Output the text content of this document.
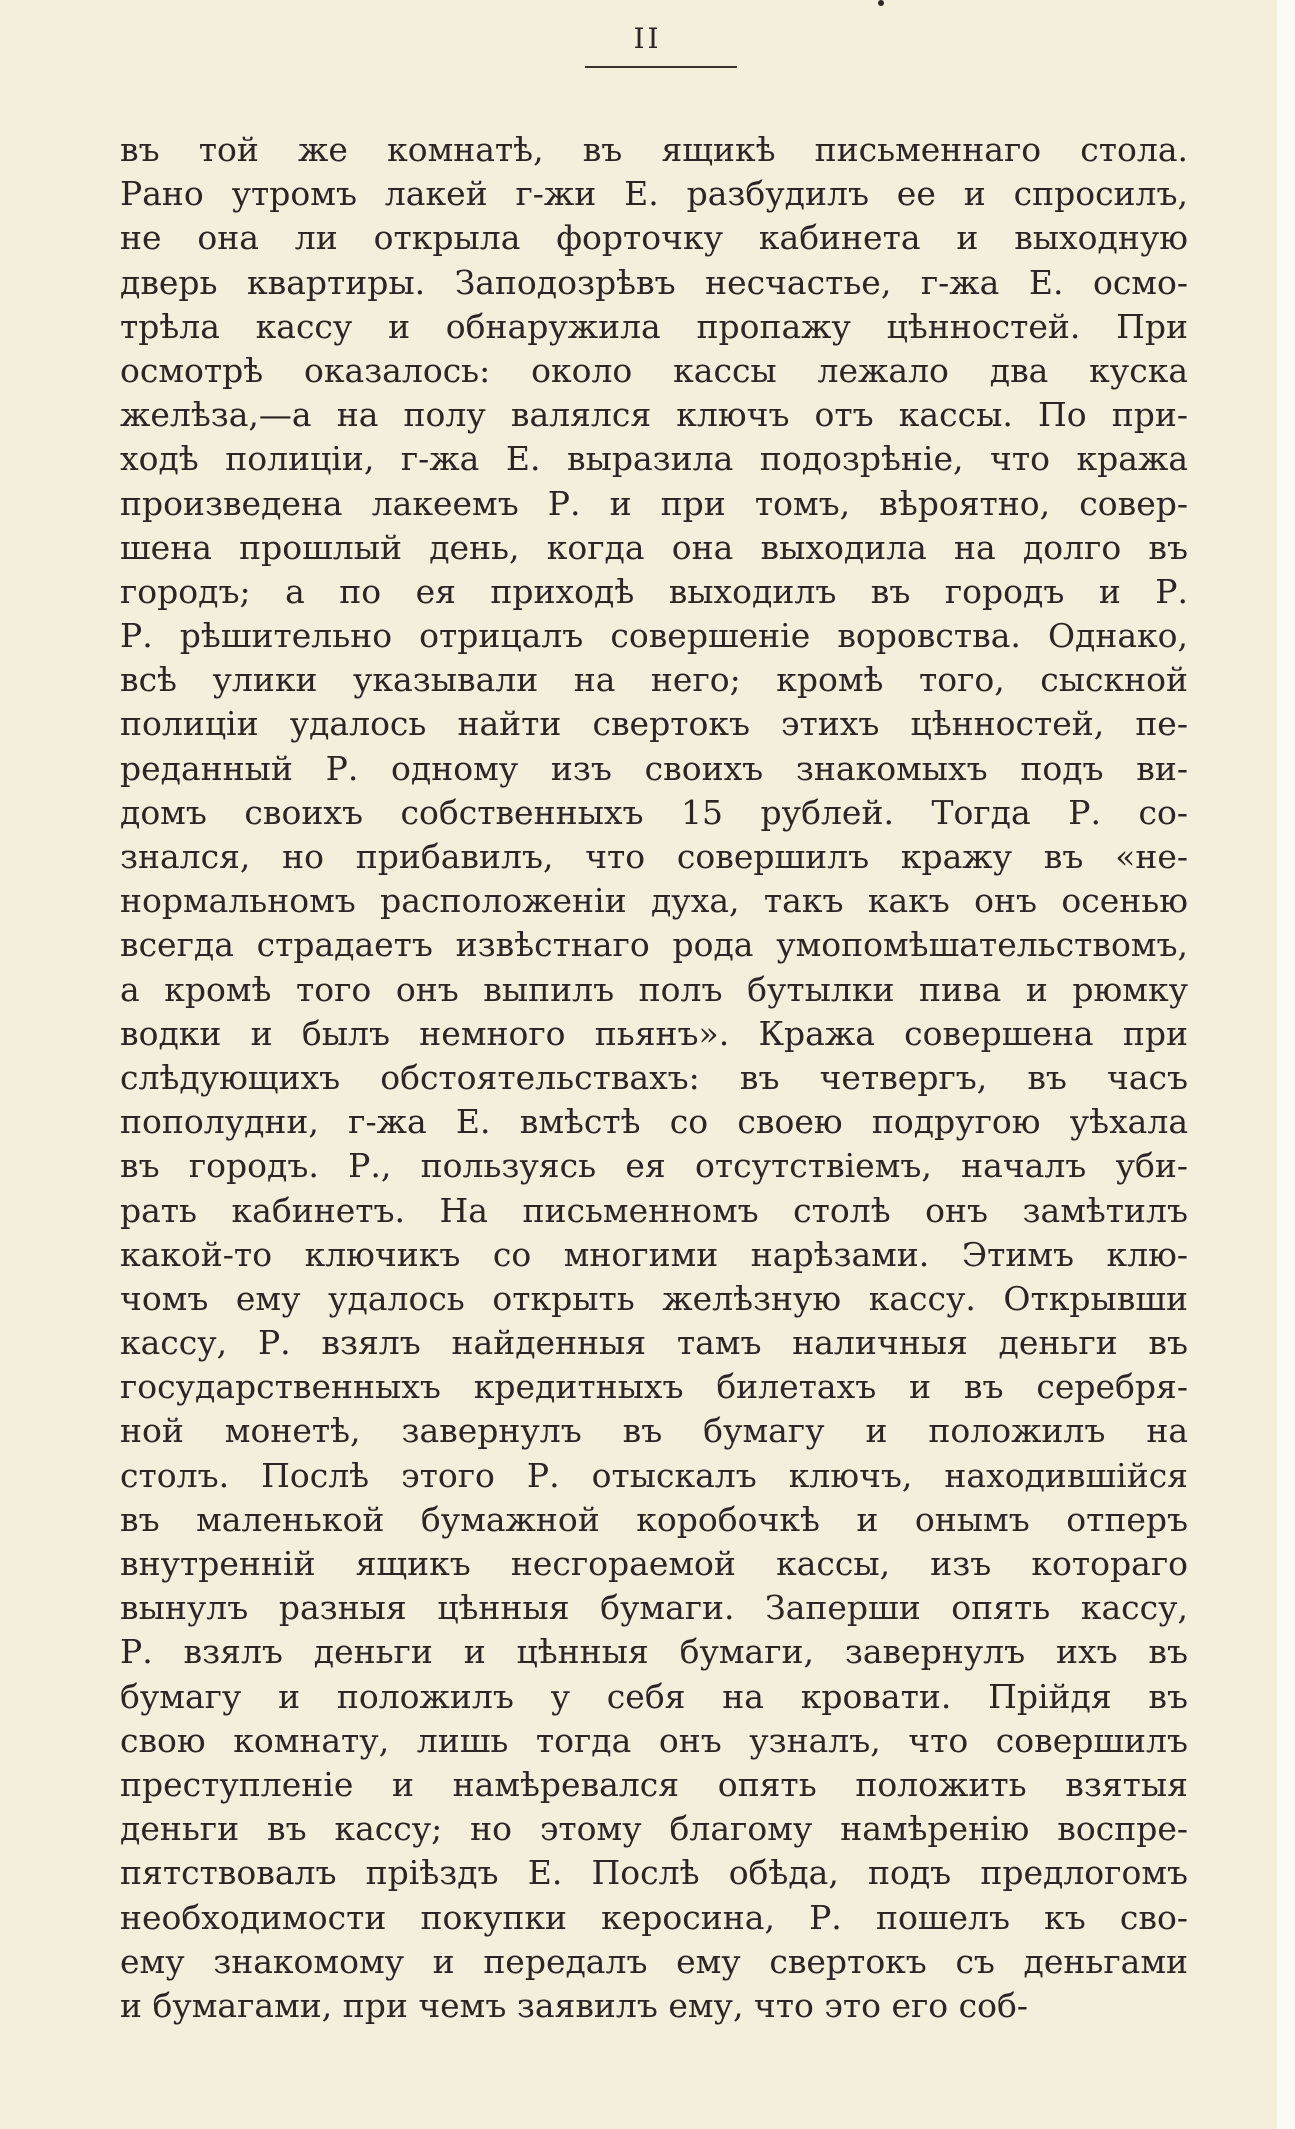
II
въ той же комнатѣ, въ ящикѣ письменнаго стола.
Рано утромъ лакей г-жи Е. разбудилъ ее и спросилъ,
не она ли открыла форточку кабинета и выходную
дверь квартиры. Заподозрѣвъ несчастье, г-жа Е. осмо-
трѣла кассу и обнаружила пропажу цѣнностей. При
осмотрѣ оказалось: около кассы лежало два куска
желѣза,—а на полу валялся ключъ отъ кассы. По при-
ходѣ полиціи, г-жа Е. выразила подозрѣніе, что кража
произведена лакеемъ Р. и при томъ, вѣроятно, совер-
шена прошлый день, когда она выходила на долго въ
городъ; а по ея приходѣ выходилъ въ городъ и Р.
Р. рѣшительно отрицалъ совершеніе воровства. Однако,
всѣ улики указывали на него; кромѣ того, сыскной
полиціи удалось найти свертокъ этихъ цѣнностей, пе-
реданный Р. одному изъ своихъ знакомыхъ подъ ви-
домъ своихъ собственныхъ 15 рублей. Тогда Р. со-
знался, но прибавилъ, что совершилъ кражу въ «не-
нормальномъ расположеніи духа, такъ какъ онъ осенью
всегда страдаетъ извѣстнаго рода умопомѣшательствомъ,
а кромѣ того онъ выпилъ полъ бутылки пива и рюмку
водки и былъ немного пьянъ». Кража совершена при
слѣдующихъ обстоятельствахъ: въ четвергъ, въ часъ
пополудни, г-жа Е. вмѣстѣ со своею подругою уѣхала
въ городъ. Р., пользуясь ея отсутствіемъ, началъ уби-
рать кабинетъ. На письменномъ столѣ онъ замѣтилъ
какой-то ключикъ со многими нарѣзами. Этимъ клю-
чомъ ему удалось открыть желѣзную кассу. Открывши
кассу, Р. взялъ найденныя тамъ наличныя деньги въ
государственныхъ кредитныхъ билетахъ и въ серебря-
ной монетѣ, завернулъ въ бумагу и положилъ на
столъ. Послѣ этого Р. отыскалъ ключъ, находившійся
въ маленькой бумажной коробочкѣ и онымъ отперъ
внутренній ящикъ несгораемой кассы, изъ котораго
вынулъ разныя цѣнныя бумаги. Заперши опять кассу,
Р. взялъ деньги и цѣнныя бумаги, завернулъ ихъ въ
бумагу и положилъ у себя на кровати. Прійдя въ
свою комнату, лишь тогда онъ узналъ, что совершилъ
преступленіе и намѣревался опять положить взятыя
деньги въ кассу; но этому благому намѣренію воспре-
пятствовалъ пріѣздъ Е. Послѣ обѣда, подъ предлогомъ
необходимости покупки керосина, Р. пошелъ къ сво-
ему знакомому и передалъ ему свертокъ съ деньгами
и бумагами, при чемъ заявилъ ему, что это его соб-
